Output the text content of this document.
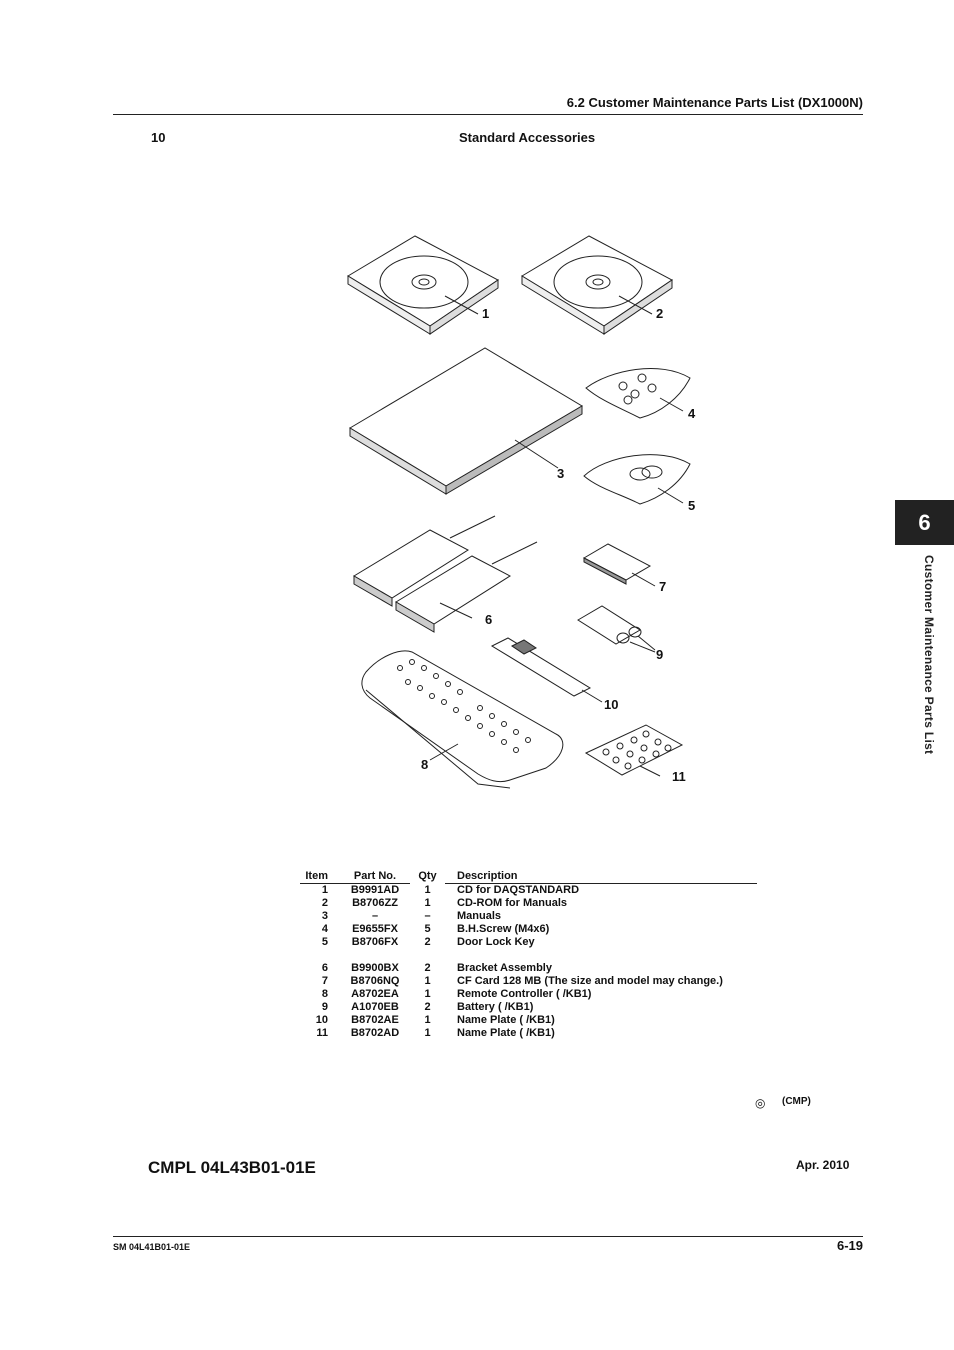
6.2 Customer Maintenance Parts List (DX1000N)
10	Standard Accessories
6
Customer Maintenance Parts List
1	2
3
4
5
6
7
8
9
10
11
Item	Part No.	Qty	Description
1	B9991AD	1	CD for DAQSTANDARD
2	B8706ZZ	1	CD-ROM for Manuals
3	–	–	Manuals
4	E9655FX	5	B.H.Screw (M4x6)
5	B8706FX	2	Door Lock Key

6	B9900BX	2	Bracket Assembly
7	B8706NQ	1	CF Card 128 MB (The size and model may change.)
8	A8702EA	1	Remote Controller ( /KB1)
9	A1070EB	2	Battery ( /KB1)
10	B8702AE	1	Name Plate ( /KB1)
11	B8702AD	1	Name Plate ( /KB1)
◎ (CMP)
CMPL 04L43B01-01E	Apr. 2010
SM 04L41B01-01E	6-19
